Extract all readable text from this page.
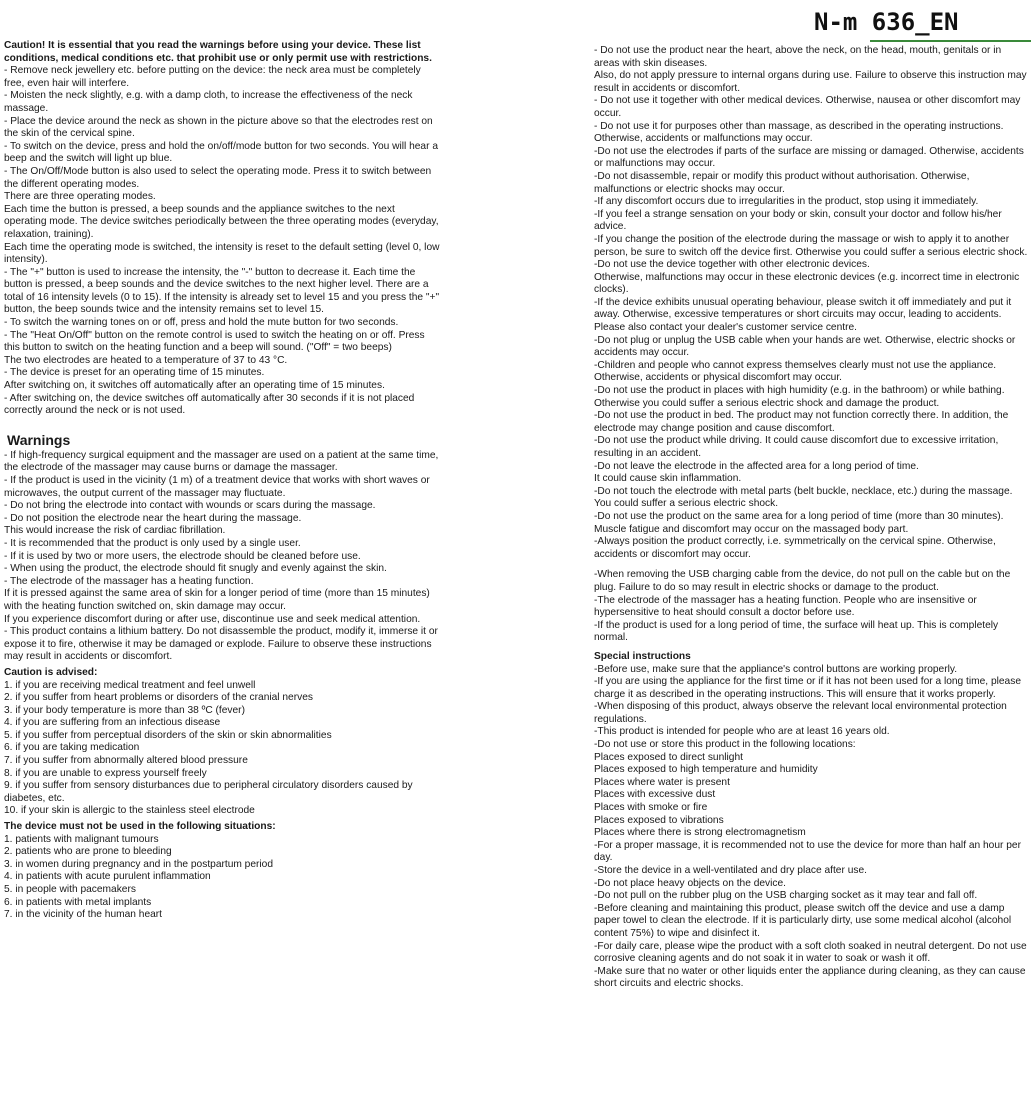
N-m 636_EN

Caution! It is essential that you read the warnings before using your device. These list conditions, medical conditions etc. that prohibit use or only permit use with restrictions.

- Remove neck jewellery etc. before putting on the device: the neck area must be completely free, even hair will interfere.

- Moisten the neck slightly, e.g. with a damp cloth, to increase the effectiveness of the neck massage.

- Place the device around the neck as shown in the picture above so that the electrodes rest on the skin of the cervical spine.

- To switch on the device, press and hold the on/off/mode button for two seconds. You will hear a beep and the switch will light up blue.

- The On/Off/Mode button is also used to select the operating mode. Press it to switch between the different operating modes.

There are three operating modes.

Each time the button is pressed, a beep sounds and the appliance switches to the next operating mode. The device switches periodically between the three operating modes (everyday, relaxation, training).

Each time the operating mode is switched, the intensity is reset to the default setting (level 0, low intensity).

- The "+" button is used to increase the intensity, the "-" button to decrease it. Each time the button is pressed, a beep sounds and the device switches to the next higher level. There are a total of 16 intensity levels (0 to 15). If the intensity is already set to level 15 and you press the "+" button, the beep sounds twice and the intensity remains set to level 15.

- To switch the warning tones on or off, press and hold the mute button for two seconds.

- The "Heat On/Off" button on the remote control is used to switch the heating on or off. Press this button to switch on the heating function and a beep will sound. ("Off" = two beeps)

The two electrodes are heated to a temperature of 37 to 43 °C.

- The device is preset for an operating time of 15 minutes.

After switching on, it switches off automatically after an operating time of 15 minutes.

- After switching on, the device switches off automatically after 30 seconds if it is not placed correctly around the neck or is not used.

Warnings

- If high-frequency surgical equipment and the massager are used on a patient at the same time, the electrode of the massager may cause burns or damage the massager.

- If the product is used in the vicinity (1 m) of a treatment device that works with short waves or microwaves, the output current of the massager may fluctuate.

- Do not bring the electrode into contact with wounds or scars during the massage.

- Do not position the electrode near the heart during the massage.

This would increase the risk of cardiac fibrillation.

- It is recommended that the product is only used by a single user.

- If it is used by two or more users, the electrode should be cleaned before use.

- When using the product, the electrode should fit snugly and evenly against the skin.

- The electrode of the massager has a heating function.

If it is pressed against the same area of skin for a longer period of time (more than 15 minutes) with the heating function switched on, skin damage may occur.

If you experience discomfort during or after use, discontinue use and seek medical attention.

- This product contains a lithium battery. Do not disassemble the product, modify it, immerse it or expose it to fire, otherwise it may be damaged or explode. Failure to observe these instructions may result in accidents or discomfort.

Caution is advised:

1. if you are receiving medical treatment and feel unwell

2. if you suffer from heart problems or disorders of the cranial nerves

3. if your body temperature is more than 38 ºC (fever)

4. if you are suffering from an infectious disease

5. if you suffer from perceptual disorders of the skin or skin abnormalities

6. if you are taking medication

7. if you suffer from abnormally altered blood pressure

8. if you are unable to express yourself freely

9. if you suffer from sensory disturbances due to peripheral circulatory disorders caused by diabetes, etc.

10. if your skin is allergic to the stainless steel electrode

The device must not be used in the following situations:

1. patients with malignant tumours

2. patients who are prone to bleeding

3. in women during pregnancy and in the postpartum period

4. in patients with acute purulent inflammation

5. in people with pacemakers

6. in patients with metal implants

7. in the vicinity of the human heart

- Do not use the product near the heart, above the neck, on the head, mouth, genitals or in areas with skin diseases.

Also, do not apply pressure to internal organs during use. Failure to observe this instruction may result in accidents or discomfort.

- Do not use it together with other medical devices. Otherwise, nausea or other discomfort may occur.

- Do not use it for purposes other than massage, as described in the operating instructions. Otherwise, accidents or malfunctions may occur.

-Do not use the electrodes if parts of the surface are missing or damaged. Otherwise, accidents or malfunctions may occur.

-Do not disassemble, repair or modify this product without authorisation. Otherwise, malfunctions or electric shocks may occur.

-If any discomfort occurs due to irregularities in the product, stop using it immediately.

-If you feel a strange sensation on your body or skin, consult your doctor and follow his/her advice.

-If you change the position of the electrode during the massage or wish to apply it to another person, be sure to switch off the device first. Otherwise you could suffer a serious electric shock.

-Do not use the device together with other electronic devices.

Otherwise, malfunctions may occur in these electronic devices (e.g. incorrect time in electronic clocks).

-If the device exhibits unusual operating behaviour, please switch it off immediately and put it away. Otherwise, excessive temperatures or short circuits may occur, leading to accidents. Please also contact your dealer's customer service centre.

-Do not plug or unplug the USB cable when your hands are wet. Otherwise, electric shocks or accidents may occur.

-Children and people who cannot express themselves clearly must not use the appliance. Otherwise, accidents or physical discomfort may occur.

-Do not use the product in places with high humidity (e.g. in the bathroom) or while bathing. Otherwise you could suffer a serious electric shock and damage the product.

-Do not use the product in bed. The product may not function correctly there. In addition, the electrode may change position and cause discomfort.

-Do not use the product while driving. It could cause discomfort due to excessive irritation, resulting in an accident.

-Do not leave the electrode in the affected area for a long period of time.

It could cause skin inflammation.

-Do not touch the electrode with metal parts (belt buckle, necklace, etc.) during the massage. You could suffer a serious electric shock.

-Do not use the product on the same area for a long period of time (more than 30 minutes). Muscle fatigue and discomfort may occur on the massaged body part.

-Always position the product correctly, i.e. symmetrically on the cervical spine. Otherwise, accidents or discomfort may occur.

-When removing the USB charging cable from the device, do not pull on the cable but on the plug. Failure to do so may result in electric shocks or damage to the product.

-The electrode of the massager has a heating function. People who are insensitive or hypersensitive to heat should consult a doctor before use.

-If the product is used for a long period of time, the surface will heat up. This is completely normal.

Special instructions

-Before use, make sure that the appliance's control buttons are working properly.

-If you are using the appliance for the first time or if it has not been used for a long time, please charge it as described in the operating instructions. This will ensure that it works properly.

-When disposing of this product, always observe the relevant local environmental protection regulations.

-This product is intended for people who are at least 16 years old.

-Do not use or store this product in the following locations:

Places exposed to direct sunlight

Places exposed to high temperature and humidity

Places where water is present

Places with excessive dust

Places with smoke or fire

Places exposed to vibrations

Places where there is strong electromagnetism

-For a proper massage, it is recommended not to use the device for more than half an hour per day.

-Store the device in a well-ventilated and dry place after use.

-Do not place heavy objects on the device.

-Do not pull on the rubber plug on the USB charging socket as it may tear and fall off.

-Before cleaning and maintaining this product, please switch off the device and use a damp paper towel to clean the electrode. If it is particularly dirty, use some medical alcohol (alcohol content 75%) to wipe and disinfect it.

-For daily care, please wipe the product with a soft cloth soaked in neutral detergent. Do not use corrosive cleaning agents and do not soak it in water to soak or wash it off.

-Make sure that no water or other liquids enter the appliance during cleaning, as they can cause short circuits and electric shocks.
